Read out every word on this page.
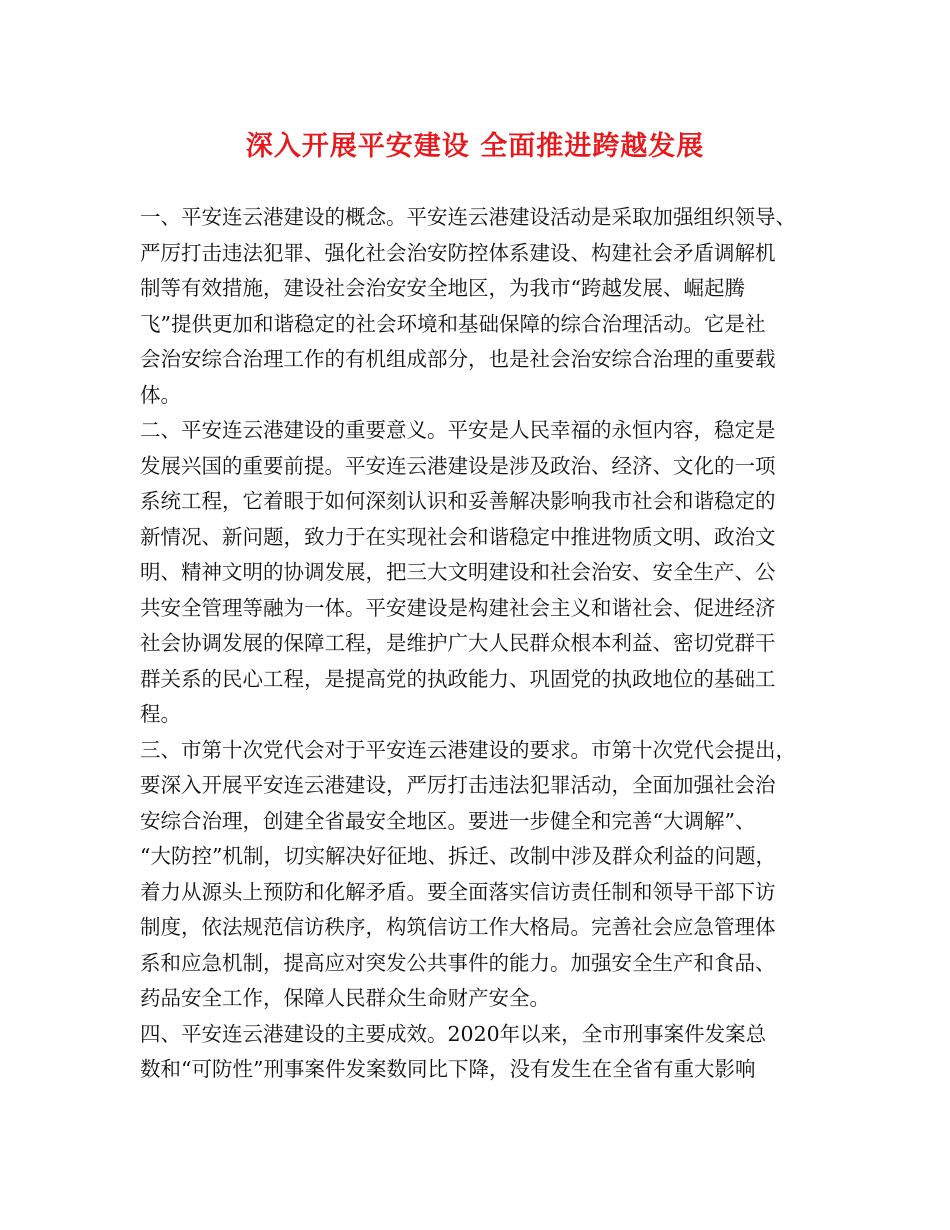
深入开展平安建设 全面推进跨越发展
一、平安连云港建设的概念。平安连云港建设活动是采取加强组织领导、
严厉打击违法犯罪、强化社会治安防控体系建设、构建社会矛盾调解机
制等有效措施，建设社会治安安全地区，为我市“跨越发展、崛起腾
飞”提供更加和谐稳定的社会环境和基础保障的综合治理活动。它是社
会治安综合治理工作的有机组成部分，也是社会治安综合治理的重要载
体。
二、平安连云港建设的重要意义。平安是人民幸福的永恒内容，稳定是
发展兴国的重要前提。平安连云港建设是涉及政治、经济、文化的一项
系统工程，它着眼于如何深刻认识和妥善解决影响我市社会和谐稳定的
新情况、新问题，致力于在实现社会和谐稳定中推进物质文明、政治文
明、精神文明的协调发展，把三大文明建设和社会治安、安全生产、公
共安全管理等融为一体。平安建设是构建社会主义和谐社会、促进经济
社会协调发展的保障工程，是维护广大人民群众根本利益、密切党群干
群关系的民心工程，是提高党的执政能力、巩固党的执政地位的基础工
程。
三、市第十次党代会对于平安连云港建设的要求。市第十次党代会提出，
要深入开展平安连云港建设，严厉打击违法犯罪活动，全面加强社会治
安综合治理，创建全省最安全地区。要进一步健全和完善“大调解”、
“大防控”机制，切实解决好征地、拆迁、改制中涉及群众利益的问题，
着力从源头上预防和化解矛盾。要全面落实信访责任制和领导干部下访
制度，依法规范信访秩序，构筑信访工作大格局。完善社会应急管理体
系和应急机制，提高应对突发公共事件的能力。加强安全生产和食品、
药品安全工作，保障人民群众生命财产安全。
四、平安连云港建设的主要成效。2020年以来，全市刑事案件发案总
数和“可防性”刑事案件发案数同比下降，没有发生在全省有重大影响
